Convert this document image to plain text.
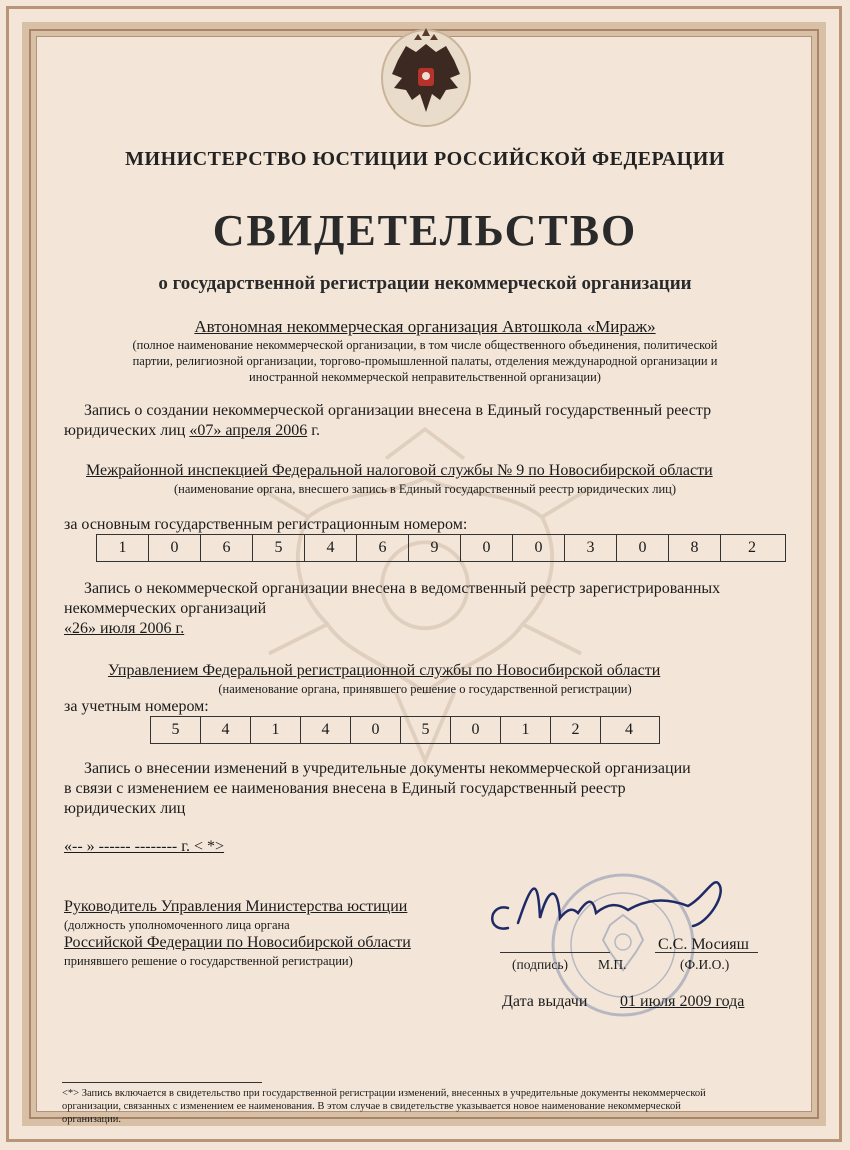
МИНИСТЕРСТВО ЮСТИЦИИ РОССИЙСКОЙ ФЕДЕРАЦИИ
СВИДЕТЕЛЬСТВО
о государственной регистрации некоммерческой организации
Автономная некоммерческая организация Автошкола «Мираж»
(полное наименование некоммерческой организации, в том числе общественного объединения, политической
партии, религиозной организации, торгово-промышленной палаты, отделения международной организации и
иностранной некоммерческой неправительственной организации)
Запись о создании некоммерческой организации внесена в Единый государственный реестр
юридических лиц «07» апреля 2006 г.
Межрайонной инспекцией Федеральной налоговой службы № 9 по Новосибирской области
(наименование органа, внесшего запись в Единый государственный реестр юридических лиц)
за основным государственным регистрационным номером:
1	0	6	5	4	6	9	0	0	3	0	8	2
Запись о некоммерческой организации внесена в ведомственный реестр зарегистрированных
некоммерческих организаций
«26» июля 2006 г.
Управлением Федеральной регистрационной службы по Новосибирской области
(наименование органа, принявшего решение о государственной регистрации)
за учетным номером:
5	4	1	4	0	5	0	1	2	4
Запись о внесении изменений в учредительные документы некоммерческой организации
в связи с изменением ее наименования внесена в Единый государственный реестр
юридических лиц
«-- » ------ -------- г. < *>
Руководитель Управления Министерства юстиции
(должность уполномоченного лица органа
Российской Федерации по Новосибирской области
принявшего решение о государственной регистрации)
С.С. Мосияш
(подпись) М.П.	(Ф.И.О.)
Дата выдачи 01 июля 2009 года
<*> Запись включается в свидетельство при государственной регистрации изменений, внесенных в учредительные документы некоммерческой
организации, связанных с изменением ее наименования. В этом случае в свидетельстве указывается новое наименование некоммерческой
организации.
